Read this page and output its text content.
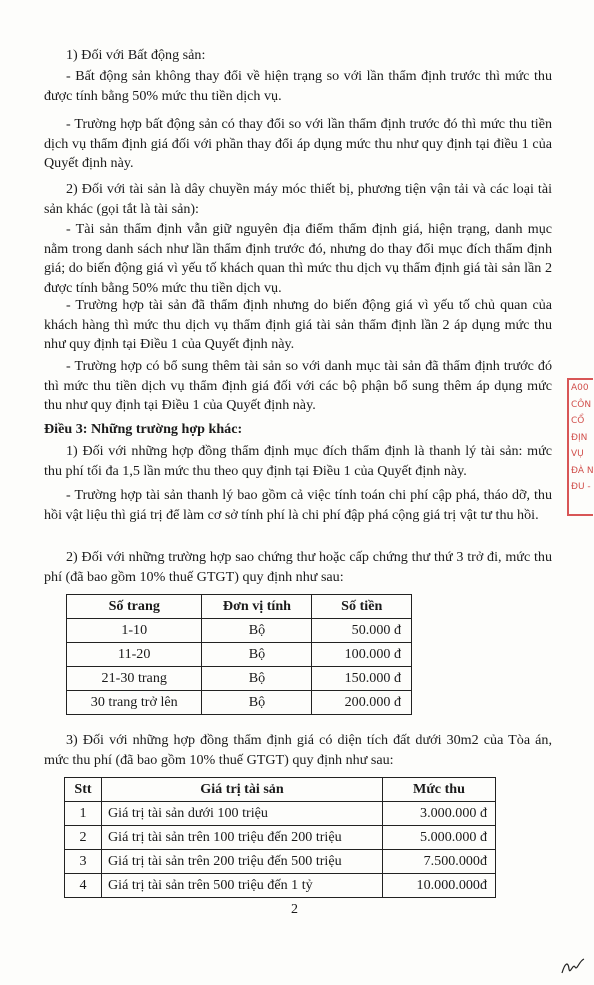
1) Đối với Bất động sản:
- Bất động sản không thay đổi về hiện trạng so với lần thẩm định trước thì mức thu được tính bằng 50% mức thu tiền dịch vụ.
- Trường hợp bất động sản có thay đổi so với lần thẩm định trước đó thì mức thu tiền dịch vụ thẩm định giá đối với phần thay đổi áp dụng mức thu như quy định tại điều 1 của Quyết định này.
2) Đối với tài sản là dây chuyền máy móc thiết bị, phương tiện vận tải và các loại tài sản khác (gọi tắt là tài sản):
- Tài sản thẩm định vẫn giữ nguyên địa điểm thẩm định giá, hiện trạng, danh mục nằm trong danh sách như lần thẩm định trước đó, nhưng do thay đổi mục đích thẩm định giá; do biến động giá vì yếu tố khách quan thì mức thu dịch vụ thẩm định giá tài sản lần 2 được tính bằng 50% mức thu tiền dịch vụ.
- Trường hợp tài sản đã thẩm định nhưng do biến động giá vì yếu tố chủ quan của khách hàng thì mức thu dịch vụ thẩm định giá tài sản thẩm định lần 2 áp dụng mức thu như quy định tại Điều 1 của Quyết định này.
- Trường hợp có bổ sung thêm tài sản so với danh mục tài sản đã thẩm định trước đó thì mức thu tiền dịch vụ thẩm định giá đối với các bộ phận bổ sung thêm áp dụng mức thu như quy định tại Điều 1 của Quyết định này.
Điều 3: Những trường hợp khác:
1) Đối với những hợp đồng thẩm định mục đích thẩm định là thanh lý tài sản: mức thu phí tối đa 1,5 lần mức thu theo quy định tại Điều 1 của Quyết định này.
- Trường hợp tài sản thanh lý bao gồm cả việc tính toán chi phí cập phá, tháo dỡ, thu hồi vật liệu thì giá trị để làm cơ sở tính phí là chi phí đập phá cộng giá trị vật tư thu hồi.
2) Đối với những trường hợp sao chứng thư hoặc cấp chứng thư thứ 3 trở đi, mức thu phí (đã bao gồm 10% thuế GTGT) quy định như sau:
Số trang	Đơn vị tính	Số tiền
1-10	Bộ	50.000 đ
11-20	Bộ	100.000 đ
21-30 trang	Bộ	150.000 đ
30 trang trở lên	Bộ	200.000 đ
3) Đối với những hợp đồng thẩm định giá có diện tích đất dưới 30m2 của Tòa án, mức thu phí (đã bao gồm 10% thuế GTGT) quy định như sau:
Stt	Giá trị tài sản	Mức thu
1	Giá trị tài sản dưới 100 triệu	3.000.000 đ
2	Giá trị tài sản trên 100 triệu đến 200 triệu	5.000.000 đ
3	Giá trị tài sản trên 200 triệu đến 500 triệu	7.500.000đ
4	Giá trị tài sản trên 500 triệu đến 1 tỷ	10.000.000đ
2
A00
CÔN
CỔ
ĐỊN
VỤ
ĐÀ N
ĐU -
